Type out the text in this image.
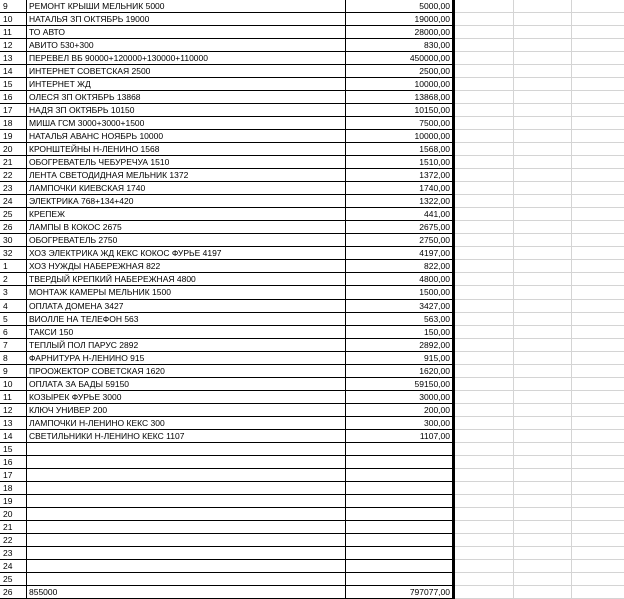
9	РЕМОНТ КРЫШИ МЕЛЬНИК 5000	5000,00
10	НАТАЛЬЯ ЗП ОКТЯБРЬ 19000	19000,00
11	ТО АВТО	28000,00
12	АВИТО 530+300	830,00
13	ПЕРЕВЕЛ ВБ 90000+120000+130000+110000	450000,00
14	ИНТЕРНЕТ СОВЕТСКАЯ 2500	2500,00
15	ИНТЕРНЕТ ЖД	10000,00
16	ОЛЕСЯ ЗП ОКТЯБРЬ 13868	13868,00
17	НАДЯ ЗП ОКТЯБРЬ 10150	10150,00
18	МИША ГСМ 3000+3000+1500	7500,00
19	НАТАЛЬЯ АВАНС НОЯБРЬ 10000	10000,00
20	КРОНШТЕЙНЫ Н-ЛЕНИНО 1568	1568,00
21	ОБОГРЕВАТЕЛЬ ЧЕБУРЕЧУА 1510	1510,00
22	ЛЕНТА СВЕТОДИДНАЯ МЕЛЬНИК 1372	1372,00
23	ЛАМПОЧКИ КИЕВСКАЯ 1740	1740,00
24	ЭЛЕКТРИКА 768+134+420	1322,00
25	КРЕПЕЖ	441,00
26	ЛАМПЫ В КОКОС 2675	2675,00
30	ОБОГРЕВАТЕЛЬ 2750	2750,00
32	ХОЗ ЭЛЕКТРИКА ЖД КЕКС КОКОС ФУРЬЕ 4197	4197,00
1	ХОЗ НУЖДЫ НАБЕРЕЖНАЯ 822	822,00
2	ТВЕРДЫЙ КРЕПКИЙ НАБЕРЕЖНАЯ 4800	4800,00
3	МОНТАЖ КАМЕРЫ МЕЛЬНИК 1500	1500,00
4	ОПЛАТА ДОМЕНА 3427	3427,00
5	ВИОЛЛЕ НА ТЕЛЕФОН 563	563,00
6	ТАКСИ 150	150,00
7	ТЕПЛЫЙ ПОЛ ПАРУС 2892	2892,00
8	ФАРНИТУРА Н-ЛЕНИНО 915	915,00
9	ПРООЖЕКТОР СОВЕТСКАЯ 1620	1620,00
10	ОПЛАТА ЗА БАДЫ 59150	59150,00
11	КОЗЫРЕК ФУРЬЕ 3000	3000,00
12	КЛЮЧ УНИВЕР 200	200,00
13	ЛАМПОЧКИ Н-ЛЕНИНО КЕКС 300	300,00
14	СВЕТИЛЬНИКИ Н-ЛЕНИНО КЕКС 1107	1107,00
15
16
17
18
19
20
21
22
23
24
25
26	855000	797077,00
